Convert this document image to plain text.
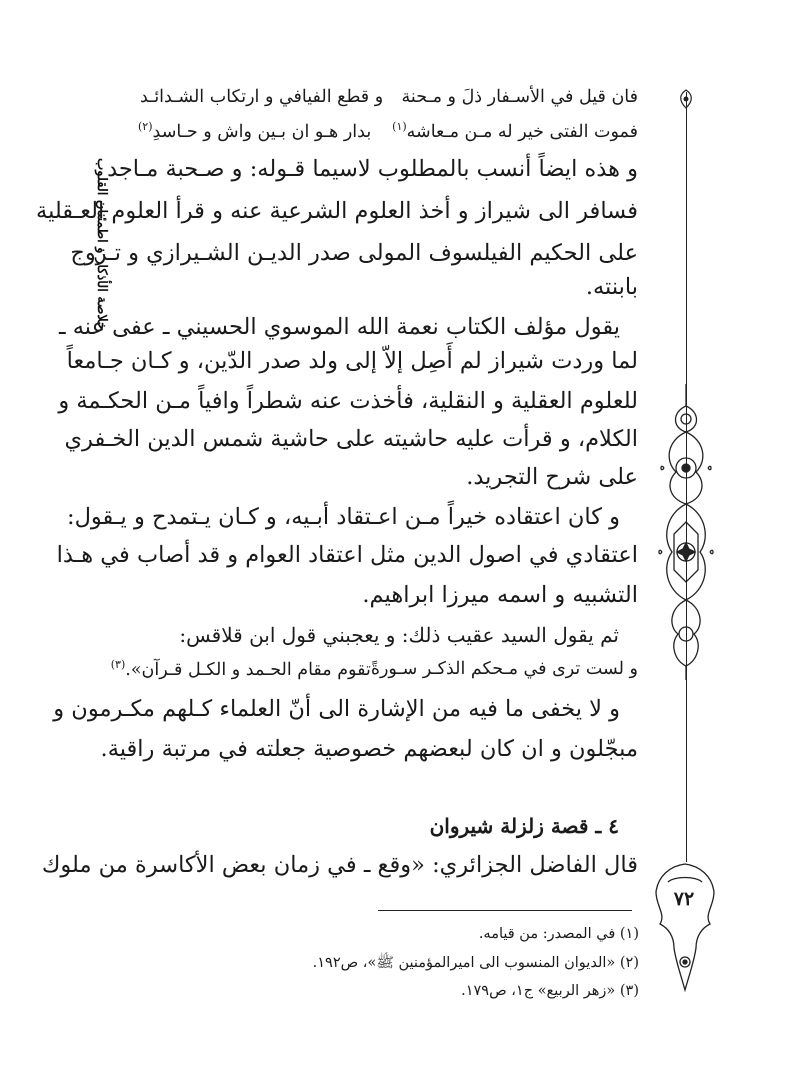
خلاصة الأذكار و اطمئنان القلوب
٧٢
فان قيل في الأسـفار ذلَ و مـحنة
و قطع الفيافي و ارتكاب الشـدائـد
فموت الفتى خير له مـن مـعاشه$^{(١)}$
بدار هـو ان بـين واش و حـاسدِ$^{(٢)}$
و هذه ايضاً أنسب بالمطلوب لاسيما قـوله: و صـحبة مـاجد
فسافر الى شيراز و أخذ العلوم الشرعية عنه و قرأ العلوم العـقلية
على الحكيم الفيلسوف المولى صدر الديـن الشـيرازي و تـزوج
بابنته.
يقول مؤلف الكتاب نعمة الله الموسوي الحسيني ـ عفى عنه ـ
لما وردت شيراز لم أَصِل إلاّ إلى ولد صدر الدّين، و كـان جـامعاً
للعلوم العقلية و النقلية، فأخذت عنه شطراً وافياً مـن الحكـمة و
الكلام، و قرأت عليه حاشيته على حاشية شمس الدين الخـفري
على شرح التجريد.
و كان اعتقاده خيراً مـن اعـتقاد أبـيه، و كـان يـتمدح و يـقول:
اعتقادي في اصول الدين مثل اعتقاد العوام و قد أصاب في هـذا
التشبيه و اسمه ميرزا ابراهيم.
ثم يقول السيد عقيب ذلك: و يعجبني قول ابن قلاقس:
و لست ترى في مـحكم الذكـر سـورةً
تقوم مقام الحـمد و الكـل قـرآن».$^{(٣)}$
و لا يخفى ما فيه من الإشارة الى أنّ العلماء كـلهم مكـرمون و
مبجّلون و ان كان لبعضهم خصوصية جعلته في مرتبة راقية.
٤ ـ قصة زلزلة شيروان
قال الفاضل الجزائري: «وقع ـ في زمان بعض الأكاسرة من ملوك
(١) في المصدر: من قيامه.
(٢) «الديوان المنسوب الى اميرالمؤمنين ﷺ»، ص١٩٢.
(٣) «زهر الربيع» ج١، ص١٧٩.
